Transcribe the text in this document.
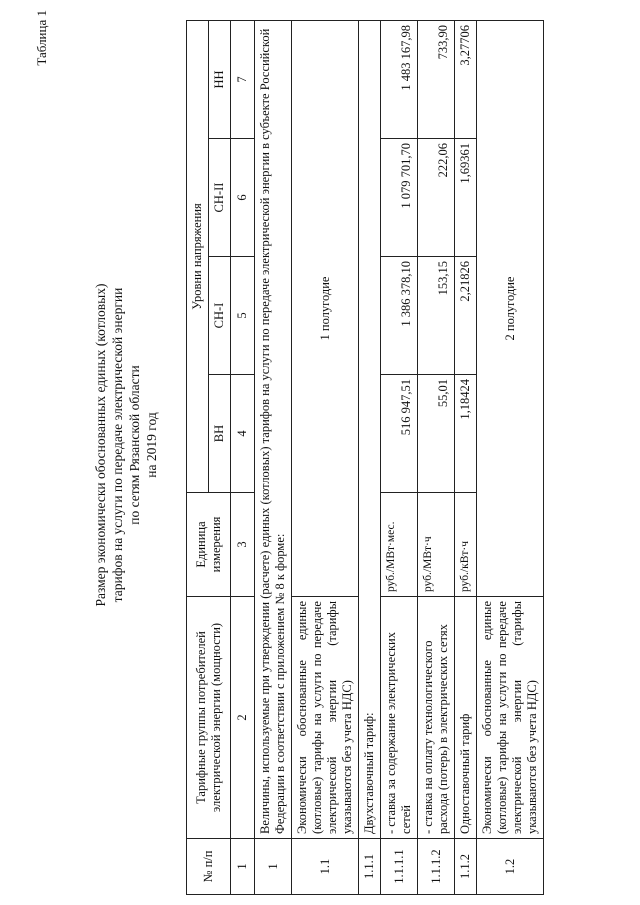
Таблица 1
Размер экономически обоснованных единых (котловых) тарифов на услуги по передаче электрической энергии по сетям Рязанской области на 2019 год
№ п/п	Тарифные группы потребителей электрической энергии (мощности)	Единица измерения	Уровни напряжения			
			ВН	СН-I	СН-II	НН
1	2	3	4	5	6	7
1	Величины, используемые при утверждении (расчете) единых (котловых) тарифов на услуги по передаче электрической энергии в субъекте Российской Федерации в соответствии с приложением № 8 к форме:					
1.1	Экономически обоснованные единые (котловые) тарифы на услуги по передаче электрической энергии (тарифы указываются без учета НДС)	1 полугодие				
1.1.1	Двухставочный тариф:					
1.1.1.1	- ставка за содержание электрических сетей	руб./МВт·мес.	516 947,51	1 386 378,10	1 079 701,70	1 483 167,98
1.1.1.2	- ставка на оплату технологического расхода (потерь) в электрических сетях	руб./МВт·ч	55,01	153,15	222,06	733,90
1.1.2	Одноставочный тариф	руб./кВт·ч	1,18424	2,21826	1,69361	3,27706
1.2	Экономически обоснованные единые (котловые) тарифы на услуги по передаче электрической энергии (тарифы указываются без учета НДС)	2 полугодие				
